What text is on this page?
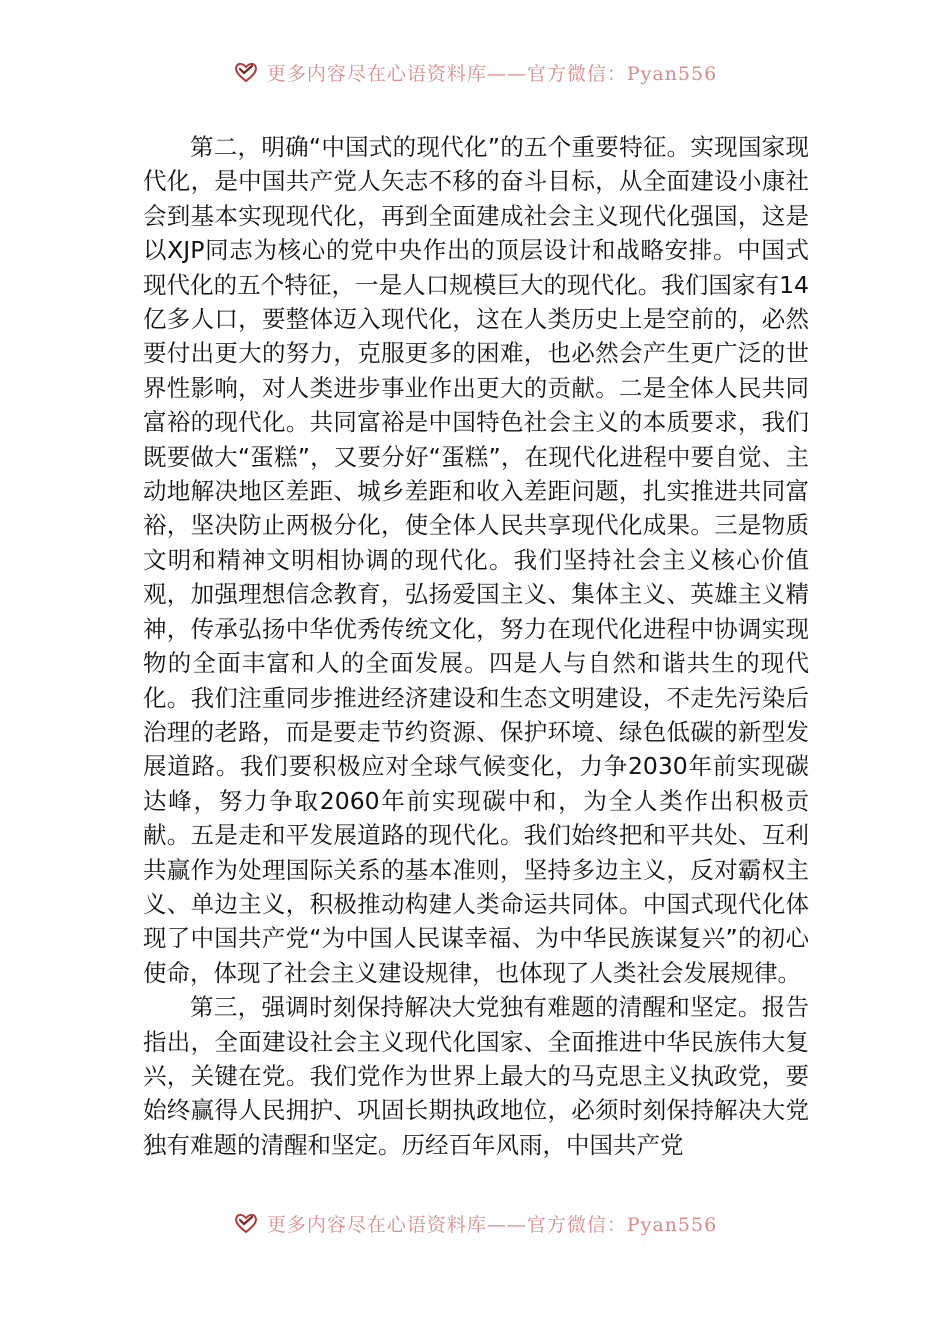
更多内容尽在心语资料库——官方微信：Pyan556

第二，明确“中国式的现代化”的五个重要特征。实现国家现代化，是中国共产党人矢志不移的奋斗目标，从全面建设小康社会到基本实现现代化，再到全面建成社会主义现代化强国，这是以XJP同志为核心的党中央作出的顶层设计和战略安排。中国式现代化的五个特征，一是人口规模巨大的现代化。我们国家有14亿多人口，要整体迈入现代化，这在人类历史上是空前的，必然要付出更大的努力，克服更多的困难，也必然会产生更广泛的世界性影响，对人类进步事业作出更大的贡献。二是全体人民共同富裕的现代化。共同富裕是中国特色社会主义的本质要求，我们既要做大“蛋糕”，又要分好“蛋糕”，在现代化进程中要自觉、主动地解决地区差距、城乡差距和收入差距问题，扎实推进共同富裕，坚决防止两极分化，使全体人民共享现代化成果。三是物质文明和精神文明相协调的现代化。我们坚持社会主义核心价值观，加强理想信念教育，弘扬爱国主义、集体主义、英雄主义精神，传承弘扬中华优秀传统文化，努力在现代化进程中协调实现物的全面丰富和人的全面发展。四是人与自然和谐共生的现代化。我们注重同步推进经济建设和生态文明建设，不走先污染后治理的老路，而是要走节约资源、保护环境、绿色低碳的新型发展道路。我们要积极应对全球气候变化，力争2030年前实现碳达峰，努力争取2060年前实现碳中和，为全人类作出积极贡献。五是走和平发展道路的现代化。我们始终把和平共处、互利共赢作为处理国际关系的基本准则，坚持多边主义，反对霸权主义、单边主义，积极推动构建人类命运共同体。中国式现代化体现了中国共产党“为中国人民谋幸福、为中华民族谋复兴”的初心使命，体现了社会主义建设规律，也体现了人类社会发展规律。

第三，强调时刻保持解决大党独有难题的清醒和坚定。报告指出，全面建设社会主义现代化国家、全面推进中华民族伟大复兴，关键在党。我们党作为世界上最大的马克思主义执政党，要始终赢得人民拥护、巩固长期执政地位，必须时刻保持解决大党独有难题的清醒和坚定。历经百年风雨，中国共产党

更多内容尽在心语资料库——官方微信：Pyan556
